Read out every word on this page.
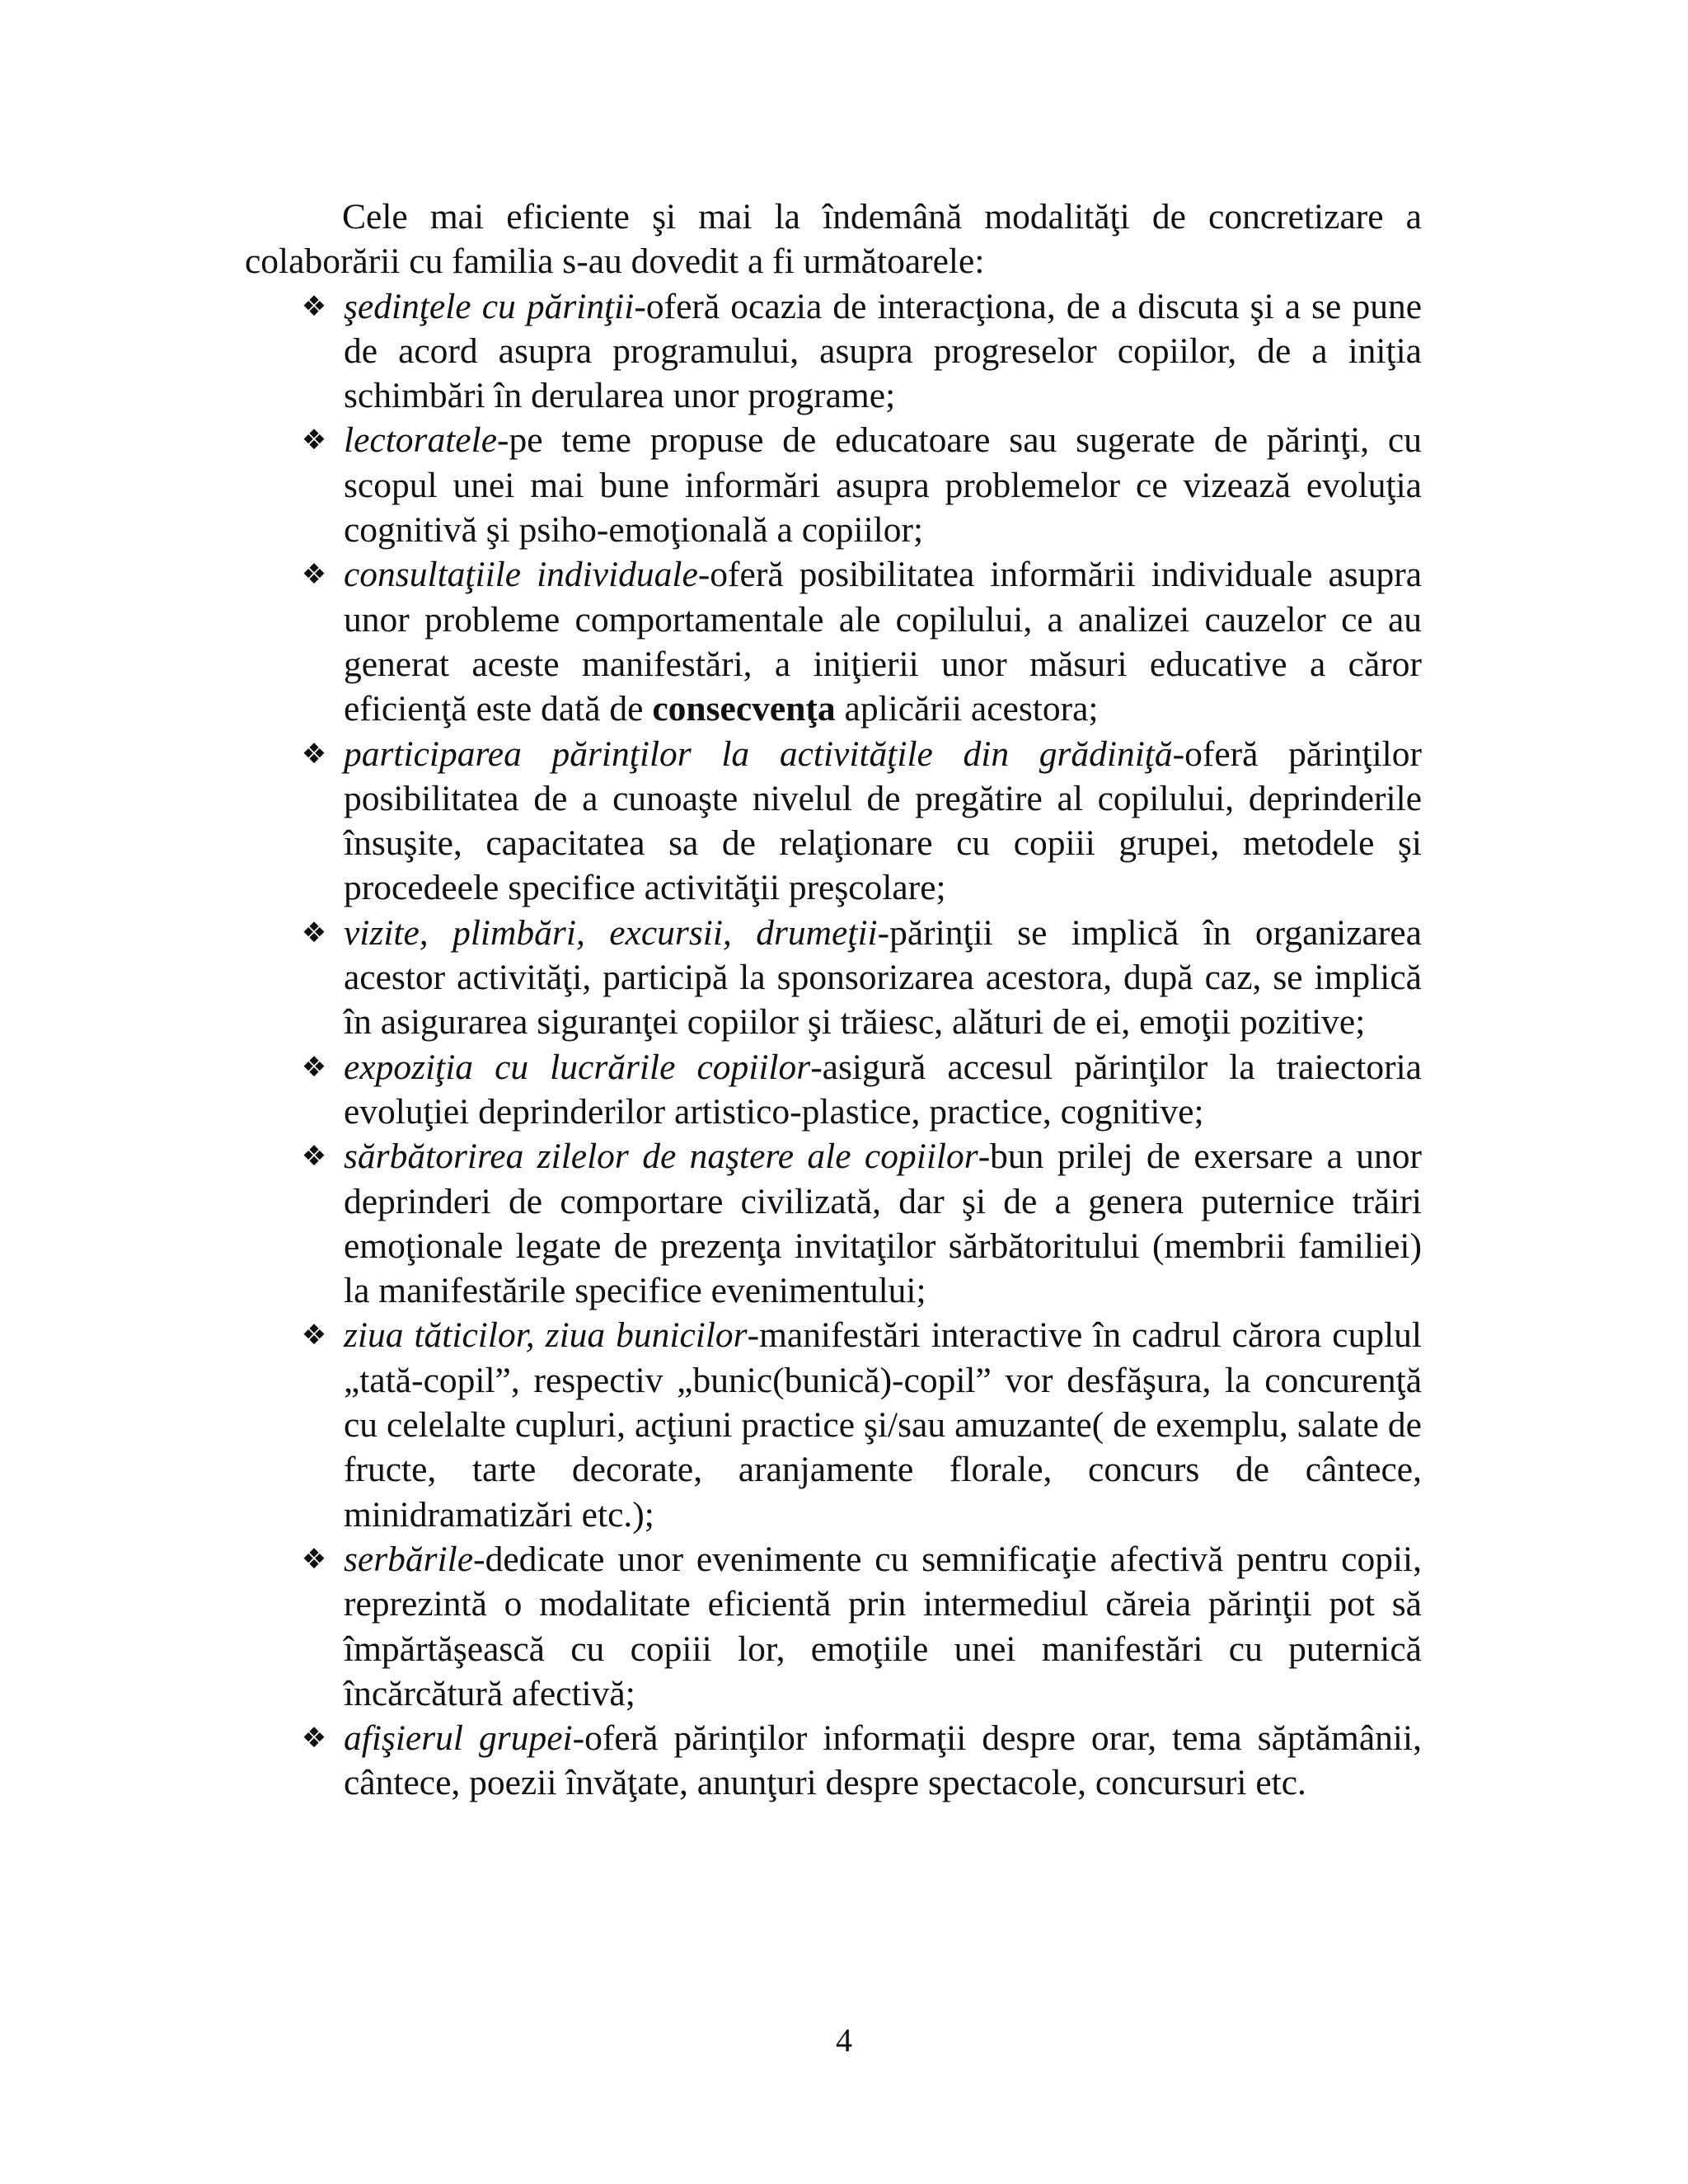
Cele mai eficiente şi mai la îndemână modalităţi de concretizare a colaborării cu familia s-au dovedit a fi următoarele:

❖ şedinţele cu părinţii-oferă ocazia de interacţiona, de a discuta şi a se pune de acord asupra programului, asupra progreselor copiilor, de a iniţia schimbări în derularea unor programe;
❖ lectoratele-pe teme propuse de educatoare sau sugerate de părinţi, cu scopul unei mai bune informări asupra problemelor ce vizează evoluţia cognitivă şi psiho-emoţională a copiilor;
❖ consultaţiile individuale-oferă posibilitatea informării individuale asupra unor probleme comportamentale ale copilului, a analizei cauzelor ce au generat aceste manifestări, a iniţierii unor măsuri educative a căror eficienţă este dată de consecvenţa aplicării acestora;
❖ participarea părinţilor la activităţile din grădiniţă-oferă părinţilor posibilitatea de a cunoaşte nivelul de pregătire al copilului, deprinderile însuşite, capacitatea sa de relaţionare cu copiii grupei, metodele şi procedeele specifice activităţii preşcolare;
❖ vizite, plimbări, excursii, drumeţii-părinţii se implică în organizarea acestor activităţi, participă la sponsorizarea acestora, după caz, se implică în asigurarea siguranţei copiilor şi trăiesc, alături de ei, emoţii pozitive;
❖ expoziţia cu lucrările copiilor-asigură accesul părinţilor la traiectoria evoluţiei deprinderilor artistico-plastice, practice, cognitive;
❖ sărbătorirea zilelor de naştere ale copiilor-bun prilej de exersare a unor deprinderi de comportare civilizată, dar şi de a genera puternice trăiri emoţionale legate de prezenţa invitaţilor sărbătoritului (membrii familiei) la manifestările specifice evenimentului;
❖ ziua tăticilor, ziua bunicilor-manifestări interactive în cadrul cărora cuplul „tată-copil”, respectiv „bunic(bunică)-copil” vor desfăşura, la concurenţă cu celelalte cupluri, acţiuni practice şi/sau amuzante( de exemplu, salate de fructe, tarte decorate, aranjamente florale, concurs de cântece, minidramatizări etc.);
❖ serbările-dedicate unor evenimente cu semnificaţie afectivă pentru copii, reprezintă o modalitate eficientă prin intermediul căreia părinţii pot să împărtăşească cu copiii lor, emoţiile unei manifestări cu puternică încărcătură afectivă;
❖ afişierul grupei-oferă părinţilor informaţii despre orar, tema săptămânii, cântece, poezii învăţate, anunţuri despre spectacole, concursuri etc.
4
